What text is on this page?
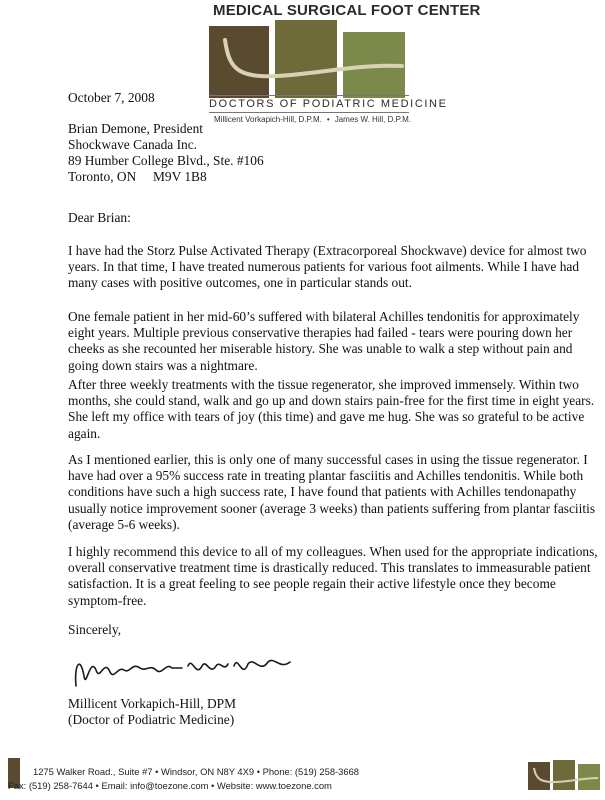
MEDICAL SURGICAL FOOT CENTER
DOCTORS OF PODIATRIC MEDICINE
Millicent Vorkapich-Hill, D.P.M. • James W. Hill, D.P.M.
October 7, 2008
Brian Demone, President
Shockwave Canada Inc.
89 Humber College Blvd., Ste. #106
Toronto, ON     M9V 1B8
Dear Brian:

I have had the Storz Pulse Activated Therapy (Extracorporeal Shockwave) device for almost two years. In that time, I have treated numerous patients for various foot ailments. While I have had many cases with positive outcomes, one in particular stands out.

One female patient in her mid-60’s suffered with bilateral Achilles tendonitis for approximately eight years. Multiple previous conservative therapies had failed - tears were pouring down her cheeks as she recounted her miserable history. She was unable to walk a step without pain and going down stairs was a nightmare.

After three weekly treatments with the tissue regenerator, she improved immensely. Within two months, she could stand, walk and go up and down stairs pain-free for the first time in eight years. She left my office with tears of joy (this time) and gave me hug. She was so grateful to be active again.

As I mentioned earlier, this is only one of many successful cases in using the tissue regenerator. I have had over a 95% success rate in treating plantar fasciitis and Achilles tendonitis. While both conditions have such a high success rate, I have found that patients with Achilles tendonapathy usually notice improvement sooner (average 3 weeks) than patients suffering from plantar fasciitis (average 5-6 weeks).

I highly recommend this device to all of my colleagues. When used for the appropriate indications, overall conservative treatment time is drastically reduced. This translates to immeasurable patient satisfaction. It is a great feeling to see people regain their active lifestyle once they become symptom-free.

Sincerely,
Millicent Vorkapich-Hill, DPM
(Doctor of Podiatric Medicine)
1275 Walker Road., Suite #7 • Windsor, ON N8Y 4X9 • Phone: (519) 258-3668
Fax: (519) 258-7644 • Email: info@toezone.com • Website: www.toezone.com
